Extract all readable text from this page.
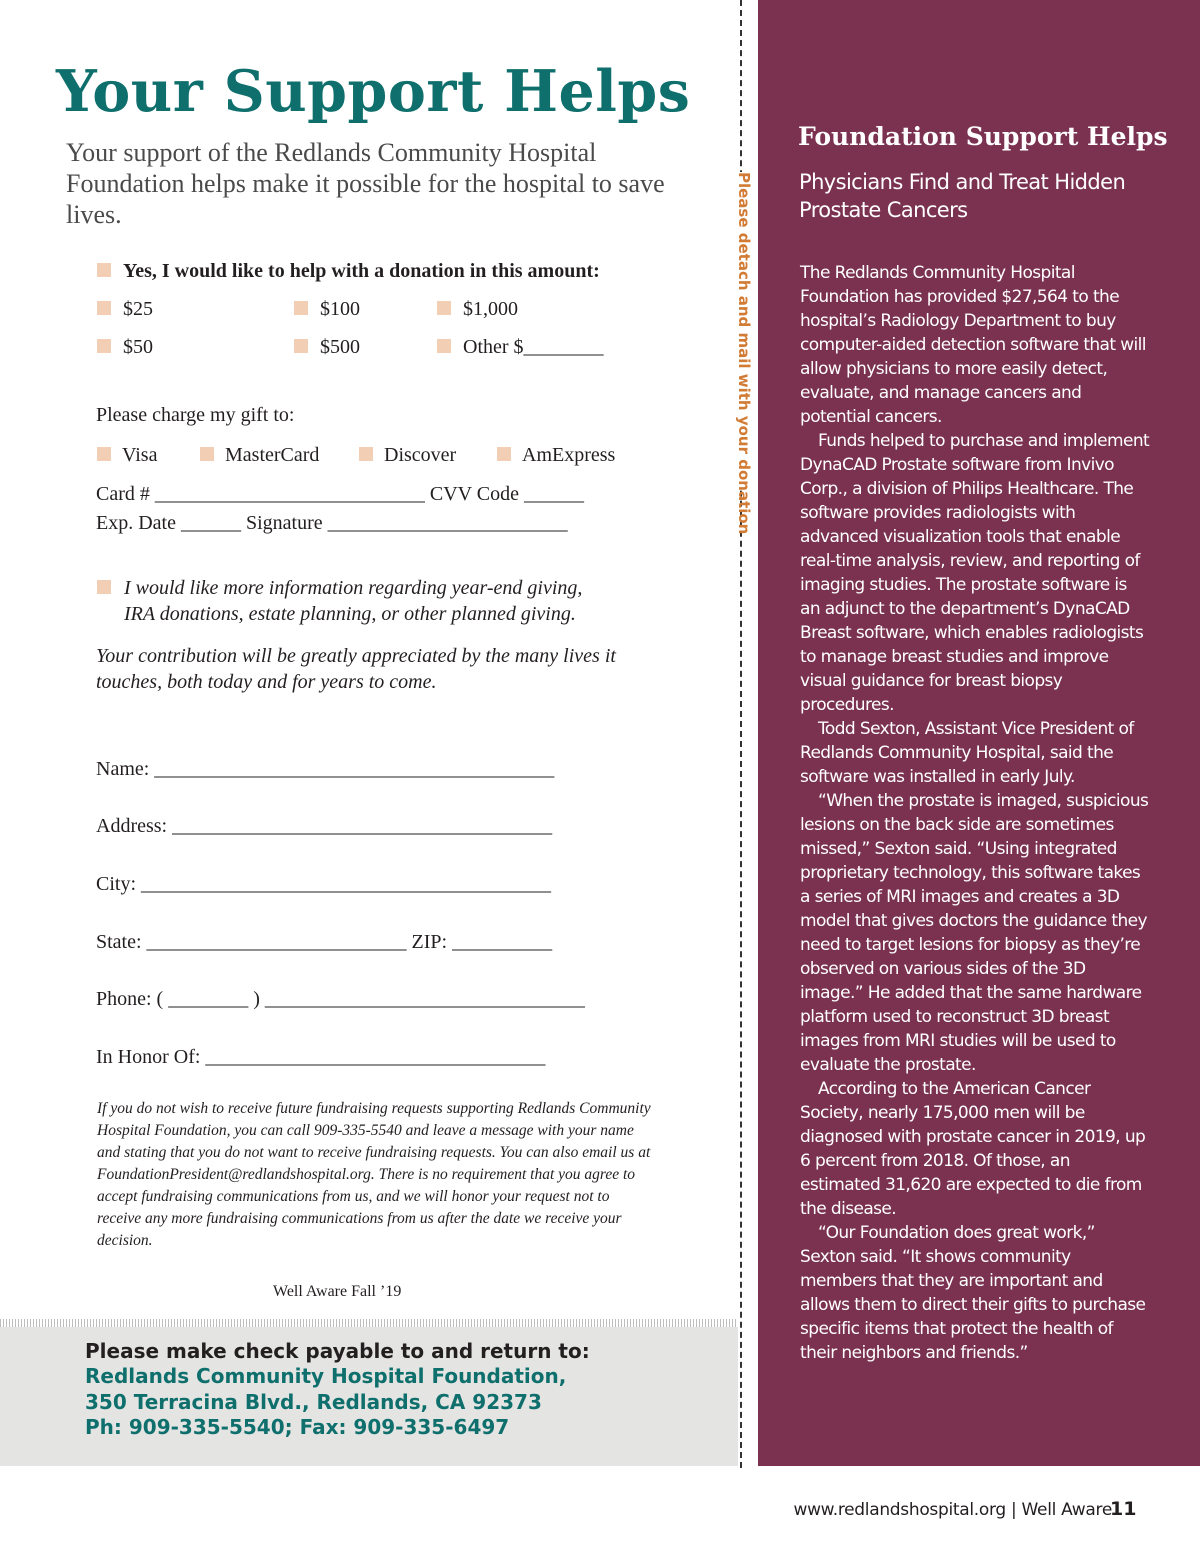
Your Support Helps

Your support of the Redlands Community Hospital Foundation helps make it possible for the hospital to save lives.

Yes, I would like to help with a donation in this amount:
$25	$100	$1,000
$50	$500	Other $________
Please charge my gift to:
Visa	MasterCard	Discover	AmExpress
Card # ___________________________ CVV Code ______
Exp. Date ______ Signature ________________________
I would like more information regarding year-end giving,
IRA donations, estate planning, or other planned giving.
Your contribution will be greatly appreciated by the many lives it touches, both today and for years to come.
Name: ________________________________________
Address: ______________________________________
City: _________________________________________
State: __________________________ ZIP: __________
Phone: ( ________ ) ________________________________
In Honor Of: __________________________________

If you do not wish to receive future fundraising requests supporting Redlands Community Hospital Foundation, you can call 909-335-5540 and leave a message with your name and stating that you do not want to receive fundraising requests. You can also email us at FoundationPresident@redlandshospital.org. There is no requirement that you agree to accept fundraising communications from us, and we will honor your request not to receive any more fundraising communications from us after the date we receive your decision.

Well Aware Fall ’19
Please make check payable to and return to:
Redlands Community Hospital Foundation,
350 Terracina Blvd., Redlands, CA 92373
Ph: 909-335-5540; Fax: 909-335-6497
Please detach and mail with your donation
Foundation Support Helps

Physicians Find and Treat Hidden Prostate Cancers

The Redlands Community Hospital Foundation has provided $27,564 to the hospital’s Radiology Department to buy computer-aided detection software that will allow physicians to more easily detect, evaluate, and manage cancers and potential cancers.

Funds helped to purchase and implement DynaCAD Prostate software from Invivo Corp., a division of Philips Healthcare. The software provides radiologists with advanced visualization tools that enable real-time analysis, review, and reporting of imaging studies. The prostate software is an adjunct to the department’s DynaCAD Breast software, which enables radiologists to manage breast studies and improve visual guidance for breast biopsy procedures.

Todd Sexton, Assistant Vice President of Redlands Community Hospital, said the software was installed in early July.

“When the prostate is imaged, suspicious lesions on the back side are sometimes missed,” Sexton said. “Using integrated proprietary technology, this software takes a series of MRI images and creates a 3D model that gives doctors the guidance they need to target lesions for biopsy as they’re observed on various sides of the 3D image.” He added that the same hardware platform used to reconstruct 3D breast images from MRI studies will be used to evaluate the prostate.

According to the American Cancer Society, nearly 175,000 men will be diagnosed with prostate cancer in 2019, up 6 percent from 2018. Of those, an estimated 31,620 are expected to die from the disease.

“Our Foundation does great work,” Sexton said. “It shows community members that they are important and allows them to direct their gifts to purchase specific items that protect the health of their neighbors and friends.”

www.redlandshospital.org | Well Aware
11
